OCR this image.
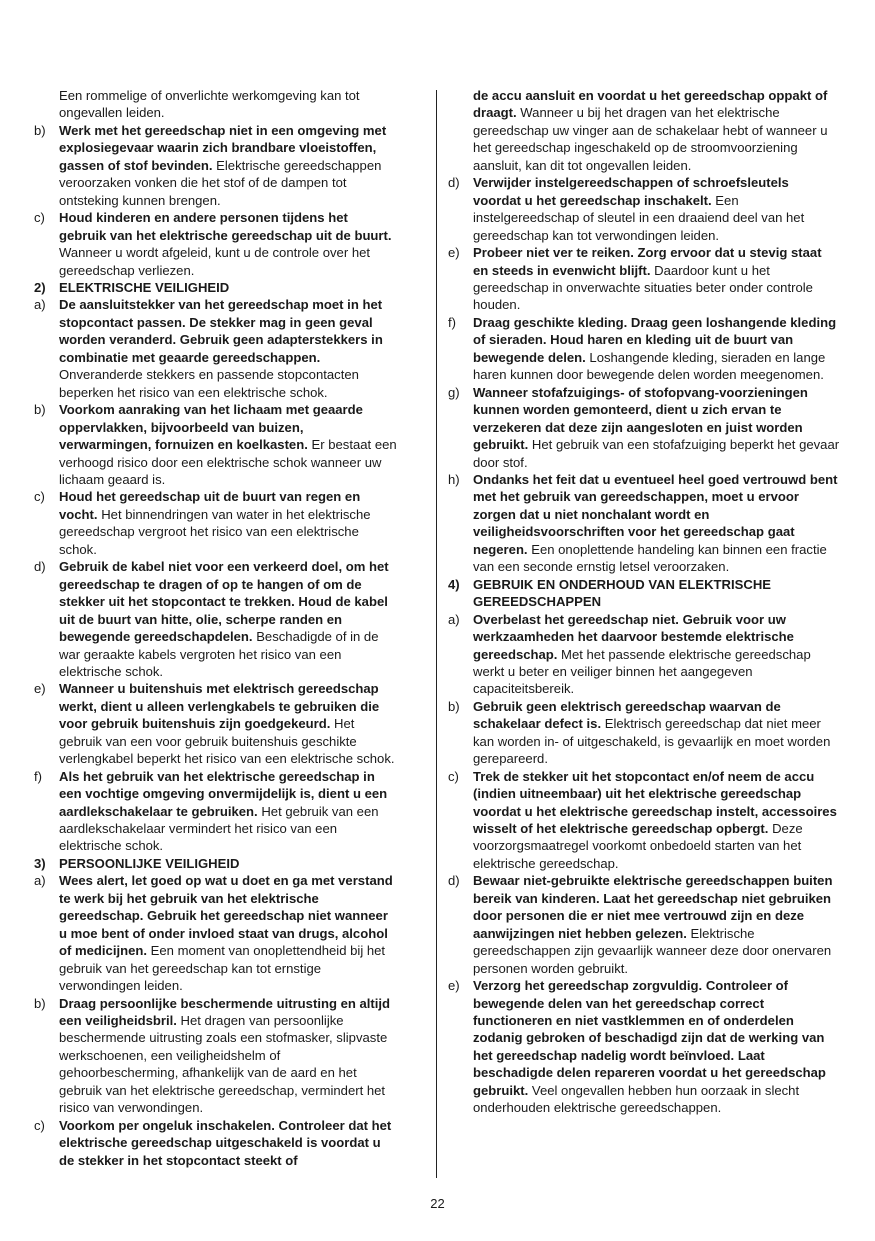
Een rommelige of onverlichte werkomgeving kan tot ongevallen leiden.

b) Werk met het gereedschap niet in een omgeving met explosiegevaar waarin zich brandbare vloeistoffen, gassen of stof bevinden. Elektrische gereedschappen veroorzaken vonken die het stof of de dampen tot ontsteking kunnen brengen.

c) Houd kinderen en andere personen tijdens het gebruik van het elektrische gereedschap uit de buurt. Wanneer u wordt afgeleid, kunt u de controle over het gereedschap verliezen.

2) ELEKTRISCHE VEILIGHEID

a) De aansluitstekker van het gereedschap moet in het stopcontact passen. De stekker mag in geen geval worden veranderd. Gebruik geen adapterstekkers in combinatie met geaarde gereedschappen. Onveranderde stekkers en passende stopcontacten beperken het risico van een elektrische schok.

b) Voorkom aanraking van het lichaam met geaarde oppervlakken, bijvoorbeeld van buizen, verwarmingen, fornuizen en koelkasten. Er bestaat een verhoogd risico door een elektrische schok wanneer uw lichaam geaard is.

c) Houd het gereedschap uit de buurt van regen en vocht. Het binnendringen van water in het elektrische gereedschap vergroot het risico van een elektrische schok.

d) Gebruik de kabel niet voor een verkeerd doel, om het gereedschap te dragen of op te hangen of om de stekker uit het stopcontact te trekken. Houd de kabel uit de buurt van hitte, olie, scherpe randen en bewegende gereedschapdelen. Beschadigde of in de war geraakte kabels vergroten het risico van een elektrische schok.

e) Wanneer u buitenshuis met elektrisch gereedschap werkt, dient u alleen verlengkabels te gebruiken die voor gebruik buitenshuis zijn goedgekeurd. Het gebruik van een voor gebruik buitenshuis geschikte verlengkabel beperkt het risico van een elektrische schok.

f) Als het gebruik van het elektrische gereedschap in een vochtige omgeving onvermijdelijk is, dient u een aardlekschakelaar te gebruiken. Het gebruik van een aardlekschakelaar vermindert het risico van een elektrische schok.

3) PERSOONLIJKE VEILIGHEID

a) Wees alert, let goed op wat u doet en ga met verstand te werk bij het gebruik van het elektrische gereedschap. Gebruik het gereedschap niet wanneer u moe bent of onder invloed staat van drugs, alcohol of medicijnen. Een moment van onoplettendheid bij het gebruik van het gereedschap kan tot ernstige verwondingen leiden.

b) Draag persoonlijke beschermende uitrusting en altijd een veiligheidsbril. Het dragen van persoonlijke beschermende uitrusting zoals een stofmasker, slipvaste werkschoenen, een veiligheidshelm of gehoorbescherming, afhankelijk van de aard en het gebruik van het elektrische gereedschap, vermindert het risico van verwondingen.

c) Voorkom per ongeluk inschakelen. Controleer dat het elektrische gereedschap uitgeschakeld is voordat u de stekker in het stopcontact steekt of

de accu aansluit en voordat u het gereedschap oppakt of draagt. Wanneer u bij het dragen van het elektrische gereedschap uw vinger aan de schakelaar hebt of wanneer u het gereedschap ingeschakeld op de stroomvoorziening aansluit, kan dit tot ongevallen leiden.

d) Verwijder instelgereedschappen of schroefsleutels voordat u het gereedschap inschakelt. Een instelgereedschap of sleutel in een draaiend deel van het gereedschap kan tot verwondingen leiden.

e) Probeer niet ver te reiken. Zorg ervoor dat u stevig staat en steeds in evenwicht blijft. Daardoor kunt u het gereedschap in onverwachte situaties beter onder controle houden.

f) Draag geschikte kleding. Draag geen loshangende kleding of sieraden. Houd haren en kleding uit de buurt van bewegende delen. Loshangende kleding, sieraden en lange haren kunnen door bewegende delen worden meegenomen.

g) Wanneer stofafzuigings- of stofopvang-voorzieningen kunnen worden gemonteerd, dient u zich ervan te verzekeren dat deze zijn aangesloten en juist worden gebruikt. Het gebruik van een stofafzuiging beperkt het gevaar door stof.

h) Ondanks het feit dat u eventueel heel goed vertrouwd bent met het gebruik van gereedschappen, moet u ervoor zorgen dat u niet nonchalant wordt en veiligheidsvoorschriften voor het gereedschap gaat negeren. Een onoplettende handeling kan binnen een fractie van een seconde ernstig letsel veroorzaken.

4) GEBRUIK EN ONDERHOUD VAN ELEKTRISCHE GEREEDSCHAPPEN

a) Overbelast het gereedschap niet. Gebruik voor uw werkzaamheden het daarvoor bestemde elektrische gereedschap. Met het passende elektrische gereedschap werkt u beter en veiliger binnen het aangegeven capaciteitsbereik.

b) Gebruik geen elektrisch gereedschap waarvan de schakelaar defect is. Elektrisch gereedschap dat niet meer kan worden in- of uitgeschakeld, is gevaarlijk en moet worden gerepareerd.

c) Trek de stekker uit het stopcontact en/of neem de accu (indien uitneembaar) uit het elektrische gereedschap voordat u het elektrische gereedschap instelt, accessoires wisselt of het elektrische gereedschap opbergt. Deze voorzorgsmaatregel voorkomt onbedoeld starten van het elektrische gereedschap.

d) Bewaar niet-gebruikte elektrische gereedschappen buiten bereik van kinderen. Laat het gereedschap niet gebruiken door personen die er niet mee vertrouwd zijn en deze aanwijzingen niet hebben gelezen. Elektrische gereedschappen zijn gevaarlijk wanneer deze door onervaren personen worden gebruikt.

e) Verzorg het gereedschap zorgvuldig. Controleer of bewegende delen van het gereedschap correct functioneren en niet vastklemmen en of onderdelen zodanig gebroken of beschadigd zijn dat de werking van het gereedschap nadelig wordt beïnvloed. Laat beschadigde delen repareren voordat u het gereedschap gebruikt. Veel ongevallen hebben hun oorzaak in slecht onderhouden elektrische gereedschappen.

22
